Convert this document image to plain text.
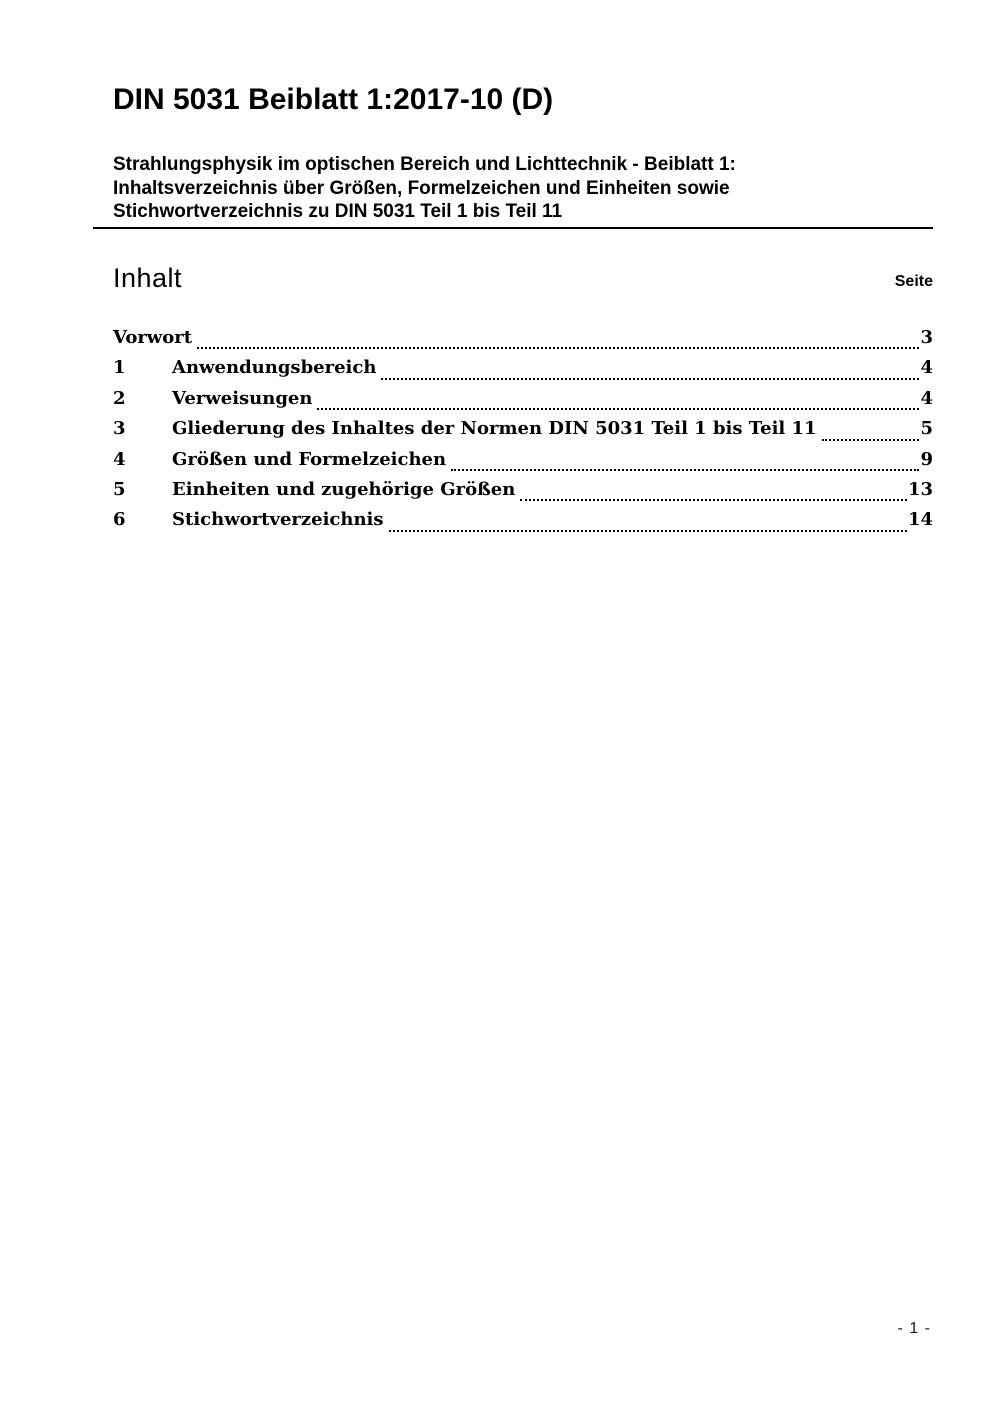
DIN 5031 Beiblatt 1:2017-10 (D)
Strahlungsphysik im optischen Bereich und Lichttechnik - Beiblatt 1:
Inhaltsverzeichnis über Größen, Formelzeichen und Einheiten sowie
Stichwortverzeichnis zu DIN 5031 Teil 1 bis Teil 11
Inhalt	Seite
Vorwort	3
1	Anwendungsbereich	4
2	Verweisungen	4
3	Gliederung des Inhaltes der Normen DIN 5031 Teil 1 bis Teil 11	5
4	Größen und Formelzeichen	9
5	Einheiten und zugehörige Größen	13
6	Stichwortverzeichnis	14
- 1 -
